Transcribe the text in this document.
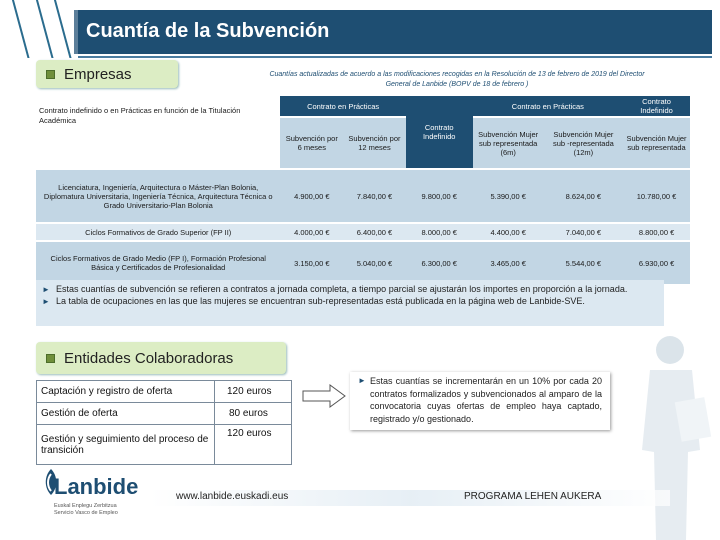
Cuantía de la Subvención
Empresas	Cuantías actualizadas de acuerdo a las modificaciones recogidas en la Resolución de 13 de febrero de 2019 del Director General de Lanbide (BOPV de 18 de febrero )
	Contrato en Prácticas		Contrato Indefinido	Contrato en Prácticas		Contrato Indefinido
	Subvención por 6 meses	Subvención por 12 meses		Subvención Mujer sub representada (6m)	Subvención Mujer sub -representada (12m)	Subvención Mujer sub representada
Licenciatura, Ingeniería, Arquitectura o Máster-Plan Bolonia, Diplomatura Universitaria, Ingeniería Técnica, Arquitectura Técnica o Grado Universitario-Plan Bolonia	4.900,00 €	7.840,00 €	9.800,00 €	5.390,00 €	8.624,00 €	10.780,00 €
Ciclos Formativos de Grado Superior (FP II)	4.000,00 €	6.400,00 €	8.000,00 €	4.400,00 €	7.040,00 €	8.800,00 €
Ciclos Formativos de Grado Medio (FP I), Formación Profesional Básica y Certificados de Profesionalidad	3.150,00 €	5.040,00 €	6.300,00 €	3.465,00 €	5.544,00 €	6.930,00 €
Contrato indefinido o en Prácticas en función de la Titulación Académica
► Estas cuantías de subvención se refieren a contratos a jornada completa, a tiempo parcial se ajustarán los importes en proporción a la jornada.
► La tabla de ocupaciones en las que las mujeres se encuentran sub-representadas está publicada en la página web de Lanbide-SVE.
Entidades Colaboradoras
Captación y registro de oferta	120 euros
Gestión de oferta	80 euros
Gestión y seguimiento del proceso de transición	120 euros
► Estas cuantías se incrementarán en un 10% por cada 20 contratos formalizados y subvencionados al amparo de la convocatoria cuyas ofertas de empleo haya captado, registrado y/o gestionado.
Lanbide
Euskal Enplegu Zerbitzua
Servicio Vasco de Empleo
www.lanbide.euskadi.eus	PROGRAMA LEHEN AUKERA
